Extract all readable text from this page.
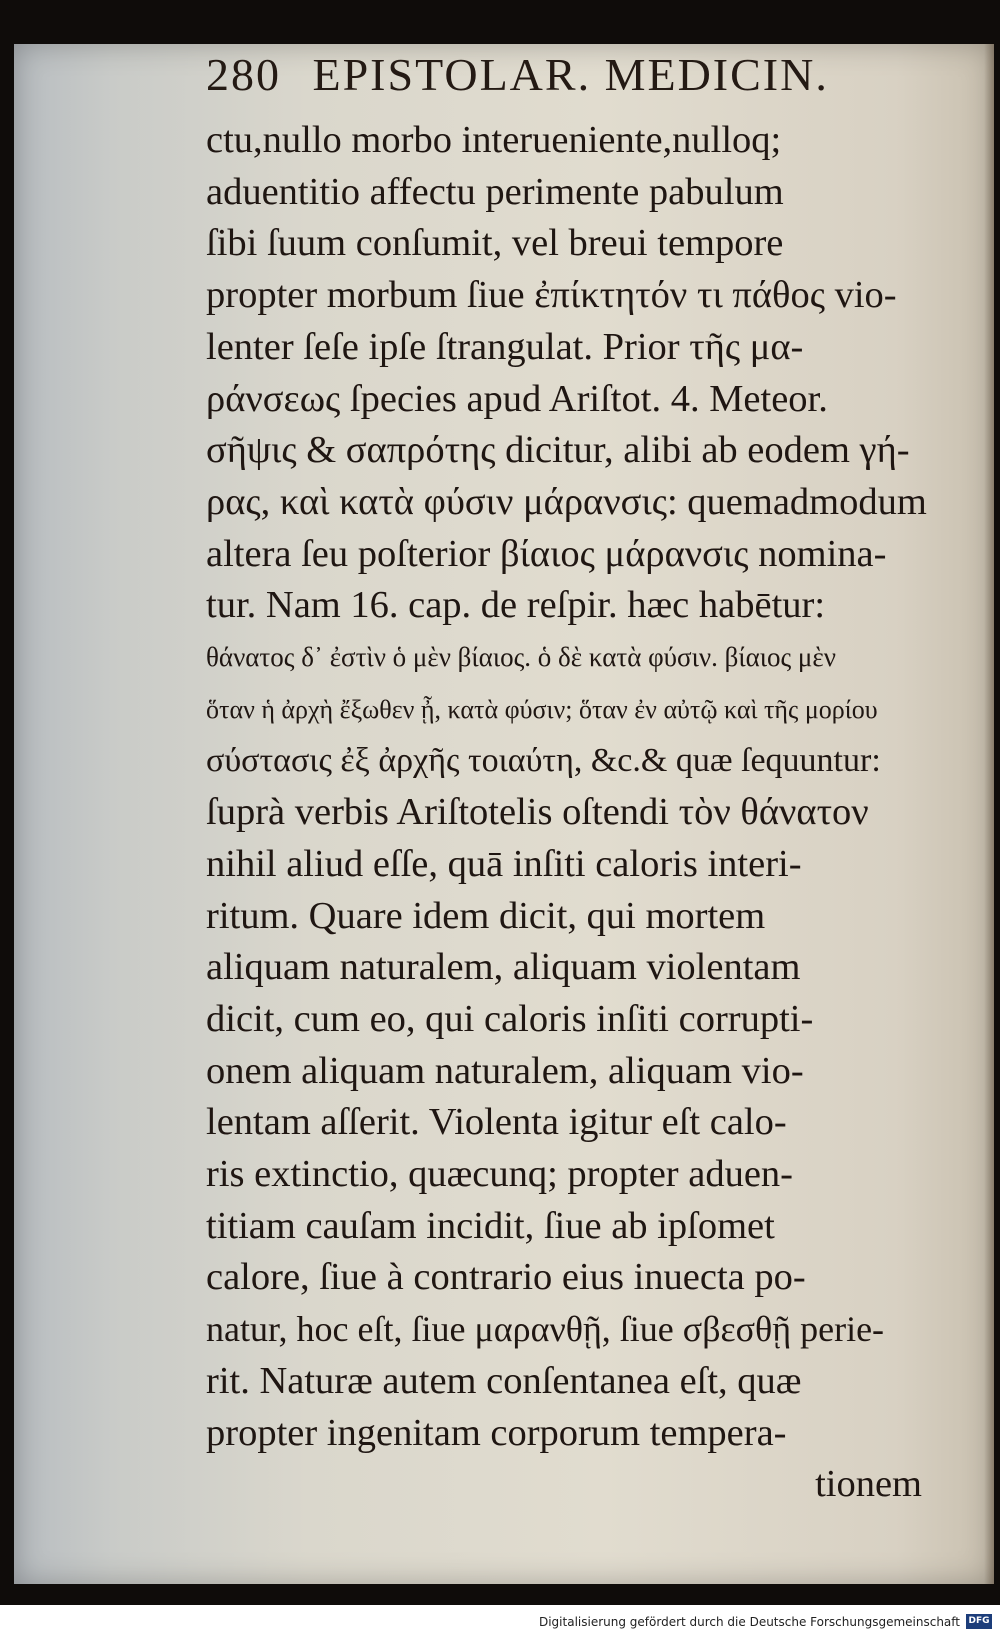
280 EPISTOLAR. MEDICIN.
ctu,nullo morbo interueniente,nulloq;
aduentitio affectu perimente pabulum
ſibi ſuum conſumit, vel breui tempore
propter morbum ſiue ἐπίκτητόν τι πάθος vio-
lenter ſeſe ipſe ſtrangulat. Prior τῆς μα-
ράνσεως ſpecies apud Ariſtot. 4. Meteor.
σῆψις & σαπρότης dicitur, alibi ab eodem γή-
ρας, καὶ κατὰ φύσιν μάρανσις: quemadmodum
altera ſeu poſterior βίαιος μάρανσις nomina-
tur. Nam 16. cap. de reſpir. hæc habētur:
θάνατος δ᾽ ἐστὶν ὁ μὲν βίαιος. ὁ δὲ κατὰ φύσιν. βίαιος μὲν
ὅταν ἡ ἀρχὴ ἔξωθεν ᾖ, κατὰ φύσιν; ὅταν ἐν αὐτῷ καὶ τῆς μορίου
σύστασις ἐξ ἀρχῆς τοιαύτη, &c.& quæ ſequuntur:
ſuprà verbis Ariſtotelis oſtendi τὸν θάνατον
nihil aliud eſſe, quā inſiti caloris interi-
ritum. Quare idem dicit, qui mortem
aliquam naturalem, aliquam violentam
dicit, cum eo, qui caloris inſiti corrupti-
onem aliquam naturalem, aliquam vio-
lentam aſſerit. Violenta igitur eſt calo-
ris extinctio, quæcunq; propter aduen-
titiam cauſam incidit, ſiue ab ipſomet
calore, ſiue à contrario eius inuecta po-
natur, hoc eſt, ſiue μαρανθῇ, ſiue σβεσθῇ perie-
rit. Naturæ autem conſentanea eſt, quæ
propter ingenitam corporum tempera-
tionem
Digitalisierung gefördert durch die Deutsche Forschungsgemeinschaft DFG
